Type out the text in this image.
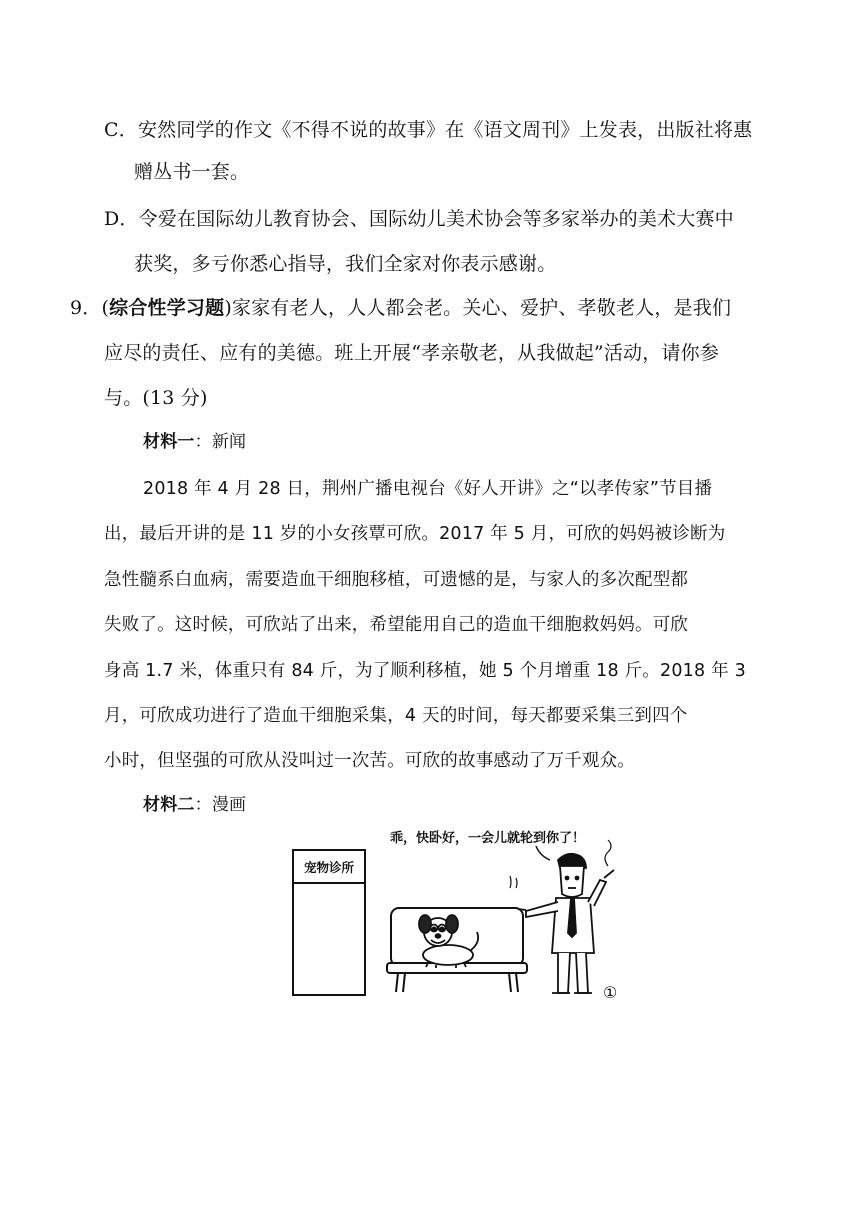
C．安然同学的作文《不得不说的故事》在《语文周刊》上发表，出版社将惠
赠丛书一套。
D．令爱在国际幼儿教育协会、国际幼儿美术协会等多家举办的美术大赛中
获奖，多亏你悉心指导，我们全家对你表示感谢。
9．(综合性学习题)家家有老人，人人都会老。关心、爱护、孝敬老人，是我们
应尽的责任、应有的美德。班上开展“孝亲敬老，从我做起”活动，请你参
与。(13 分)
材料一：新闻
2018 年 4 月 28 日，荆州广播电视台《好人开讲》之“以孝传家”节目播
出，最后开讲的是 11 岁的小女孩覃可欣。2017 年 5 月，可欣的妈妈被诊断为
急性髓系白血病，需要造血干细胞移植，可遗憾的是，与家人的多次配型都
失败了。这时候，可欣站了出来，希望能用自己的造血干细胞救妈妈。可欣
身高 1.7 米，体重只有 84 斤，为了顺利移植，她 5 个月增重 18 斤。2018 年 3
月，可欣成功进行了造血干细胞采集，4 天的时间，每天都要采集三到四个
小时，但坚强的可欣从没叫过一次苦。可欣的故事感动了万千观众。
材料二：漫画
乖，快卧好，一会儿就轮到你了！
宠物诊所
①
